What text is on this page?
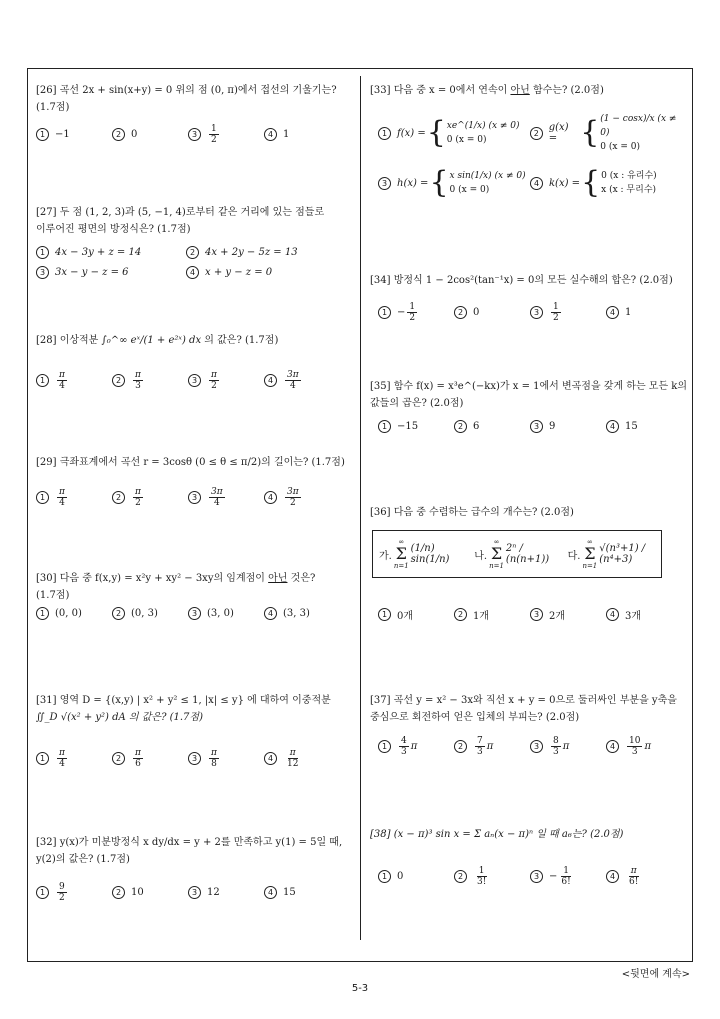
[26] 곡선 2x + sin(x+y) = 0 위의 점 (0, π)에서 접선의 기울기는?
(1.7점)
1 −1	2 0	3	$\frac{1}{2}$	4 1
[27] 두 점 (1, 2, 3)과 (5, −1, 4)로부터 같은 거리에 있는 점들로
이루어진 평면의 방정식은? (1.7점)
1 4x − 3y + z = 14	2 4x + 2y − 5z = 13
3 3x − y − z = 6	4 x + y − z = 0
[28] 이상적분 ∫₀^∞ eˣ/(1 + e²ˣ) dx 의 값은? (1.7점)
1	$\frac{\pi}{4}$	2	$\frac{\pi}{3}$	3	$\frac{\pi}{2}$	4	$\frac{3\pi}{4}$
[29] 극좌표계에서 곡선 r = 3cosθ (0 ≤ θ ≤ π/2)의 길이는? (1.7점)
1	$\frac{\pi}{4}$	2	$\frac{\pi}{2}$	3	$\frac{3\pi}{4}$	4	$\frac{3\pi}{2}$
[30] 다음 중 f(x,y) = x²y + xy² − 3xy의 임계점이 아닌 것은?
(1.7점)
1 (0, 0)	2 (0, 3)	3 (3, 0)	4 (3, 3)
[31] 영역 D = {(x,y) | x² + y² ≤ 1, |x| ≤ y} 에 대하여 이중적분
∬_D √(x² + y²) dA 의 값은? (1.7점)
1	$\frac{\pi}{4}$	2	$\frac{\pi}{6}$	3	$\frac{\pi}{8}$	4	$\frac{\pi}{12}$
[32] y(x)가 미분방정식 x dy/dx = y + 2를 만족하고 y(1) = 5일 때,
y(2)의 값은? (1.7점)
1	$\frac{9}{2}$	2 10	3 12	4 15
[33] 다음 중 x = 0에서 연속이 아닌 함수는? (2.0점)
1 f(x) = { xe^(1/x) (x ≠ 0)
0 (x = 0)
2 g(x) = { (1 − cosx)/x (x ≠ 0)
0 (x = 0)
3 h(x) = { x sin(1/x) (x ≠ 0)
0 (x = 0)
4 k(x) = { 0 (x : 유리수)
x (x : 무리수)
[34] 방정식 1 − 2cos²(tan⁻¹x) = 0의 모든 실수해의 합은? (2.0점)
$1 - \frac{1}{2}$	2 0	3	$\frac{1}{2}$	4 1
[35] 함수 f(x) = x³e^(−kx)가 x = 1에서 변곡점을 갖게 하는 모든 k의
값들의 곱은? (2.0점)
1 −15	2 6	3 9	4 15
[36] 다음 중 수렴하는 급수의 개수는? (2.0점)
가.
∞
Σ
n=1
(1/n) sin(1/n)	나.
∞
Σ
n=1
2ⁿ / (n(n+1))	다.
∞
Σ
n=1
√(n³+1) / (n⁴+3)
1 0개	2 1개	3 2개	4 3개
[37] 곡선 y = x² − 3x와 직선 x + y = 0으로 둘러싸인 부분을 y축을
중심으로 회전하여 얻은 입체의 부피는? (2.0점)
1	$\frac{4}{3}$ π	2	$\frac{7}{3}$ π	3	$\frac{8}{3}$ π	4	$\frac{10}{3}$ π
[38] (x − π)³ sin x = Σ aₙ(x − π)ⁿ 일 때 a₆는? (2.0점)
1 0	2	$\frac{1}{3!}$	$3 - \frac{1}{6!}$	4	$\frac{\pi}{6!}$
<뒷면에 계속>
5-3
